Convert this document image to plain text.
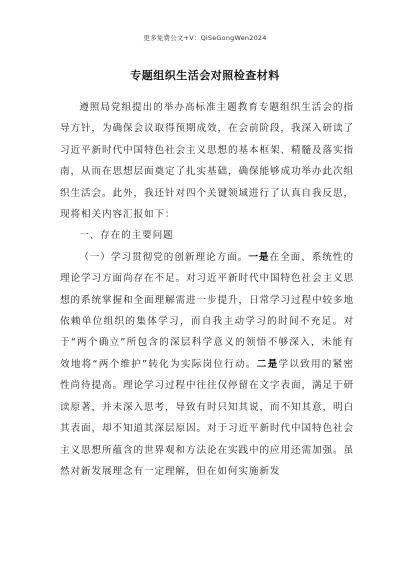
更多免费公文+V：QiSeGongWen2024
专题组织生活会对照检查材料

遵照局党组提出的举办高标准主题教育专题组织生活会的指导方针，为确保会议取得预期成效，在会前阶段，我深入研读了习近平新时代中国特色社会主义思想的基本框架、精髓及落实指南，从而在思想层面奠定了扎实基础，确保能够成功举办此次组织生活会。此外，我还针对四个关键领域进行了认真自我反思，现将相关内容汇报如下：

一、存在的主要问题

（一）学习贯彻党的创新理论方面。一是在全面、系统性的理论学习方面尚存在不足。对习近平新时代中国特色社会主义思想的系统掌握和全面理解需进一步提升，日常学习过程中较多地依赖单位组织的集体学习，而自我主动学习的时间不充足。对于“两个确立”所包含的深层科学意义的领悟不够深入，未能有效地将“两个维护”转化为实际岗位行动。二是学以致用的紧密性尚待提高。理论学习过程中往往仅停留在文字表面，满足于研读原著，并未深入思考，导致有时只知其说，而不知其意，明白其表面，却不知道其深层原因。对于习近平新时代中国特色社会主义思想所蕴含的世界观和方法论在实践中的应用还需加强。虽然对新发展理念有一定理解，但在如何实施新发
